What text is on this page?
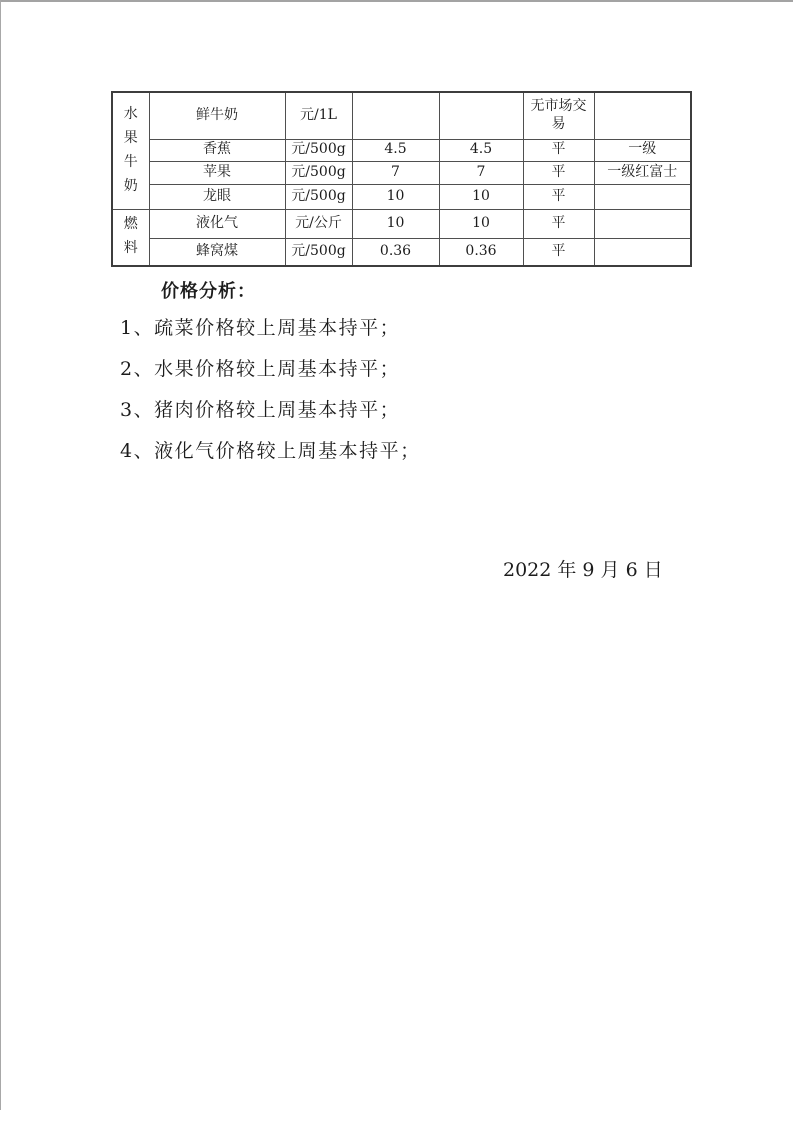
水果牛奶	鲜牛奶	元/1L			无市场交易	
	香蕉	元/500g	4.5	4.5	平	一级
	苹果	元/500g	7	7	平	一级红富士
	龙眼	元/500g	10	10	平	
燃料	液化气	元/公斤	10	10	平	
	蜂窝煤	元/500g	0.36	0.36	平	
价格分析：
1、疏菜价格较上周基本持平；
2、水果价格较上周基本持平；
3、猪肉价格较上周基本持平；
4、液化气价格较上周基本持平；
2022 年 9 月 6 日
